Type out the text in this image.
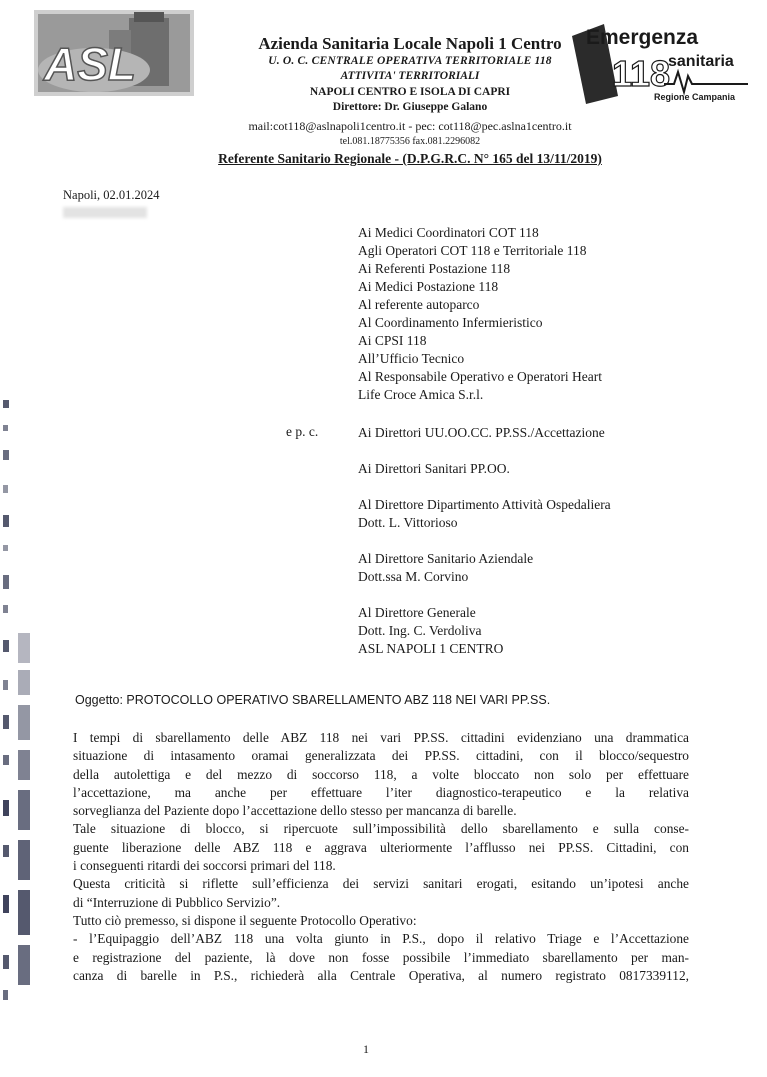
ASL
Emergenza
118
sanitaria
Regione Campania
Azienda Sanitaria Locale Napoli 1 Centro
U. O. C. CENTRALE OPERATIVA TERRITORIALE 118
ATTIVITA' TERRITORIALI
NAPOLI CENTRO E ISOLA DI CAPRI
Direttore: Dr. Giuseppe Galano
mail:cot118@aslnapoli1centro.it - pec: cot118@pec.aslna1centro.it
tel.081.18775356 fax.081.2296082
Referente Sanitario Regionale - (D.P.G.R.C. N° 165 del 13/11/2019)
Napoli, 02.01.2024
Ai Medici Coordinatori COT 118
Agli Operatori COT 118 e Territoriale 118
Ai Referenti Postazione 118
Ai Medici Postazione 118
Al referente autoparco
Al Coordinamento Infermieristico
Ai CPSI 118
All’Ufficio Tecnico
Al Responsabile Operativo e Operatori Heart
Life Croce Amica S.r.l.
e p. c.	Ai Direttori UU.OO.CC. PP.SS./Accettazione
Ai Direttori Sanitari PP.OO.
Al Direttore Dipartimento Attività Ospedaliera
Dott. L. Vittorioso
Al Direttore Sanitario Aziendale
Dott.ssa M. Corvino
Al Direttore Generale
Dott. Ing. C. Verdoliva
ASL NAPOLI 1 CENTRO
Oggetto: PROTOCOLLO OPERATIVO SBARELLAMENTO ABZ 118 NEI VARI PP.SS.
I tempi di sbarellamento delle ABZ 118 nei vari PP.SS. cittadini evidenziano una drammatica
situazione di intasamento oramai generalizzata dei PP.SS. cittadini, con il blocco/sequestro
della autolettiga e del mezzo di soccorso 118, a volte bloccato non solo per effettuare
l’accettazione, ma anche per effettuare l’iter diagnostico-terapeutico e la relativa
sorveglianza del Paziente dopo l’accettazione dello stesso per mancanza di barelle.
Tale situazione di blocco, si ripercuote sull’impossibilità dello sbarellamento e sulla conse-
guente liberazione delle ABZ 118 e aggrava ulteriormente l’afflusso nei PP.SS. Cittadini, con
i conseguenti ritardi dei soccorsi primari del 118.
Questa criticità si riflette sull’efficienza dei servizi sanitari erogati, esitando un’ipotesi anche
di “Interruzione di Pubblico Servizio”.
Tutto ciò premesso, si dispone il seguente Protocollo Operativo:
- l’Equipaggio dell’ABZ 118 una volta giunto in P.S., dopo il relativo Triage e l’Accettazione
e registrazione del paziente, là dove non fosse possibile l’immediato sbarellamento per man-
canza di barelle in P.S., richiederà alla Centrale Operativa, al numero registrato 0817339112,
1
